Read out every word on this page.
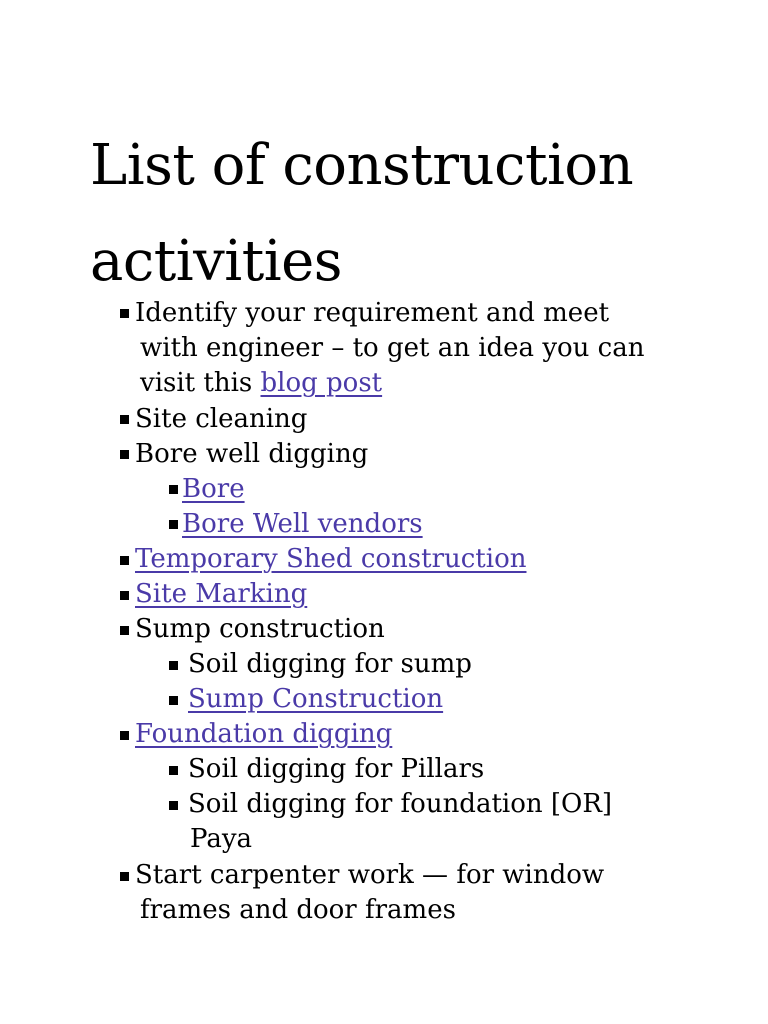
List of construction activities
Identify your requirement and meet
with engineer – to get an idea you can
visit this blog post
Site cleaning
Bore well digging
Bore
Bore Well vendors
Temporary Shed construction
Site Marking
Sump construction
Soil digging for sump
Sump Construction
Foundation digging
Soil digging for Pillars
Soil digging for foundation [OR]
Paya
Start carpenter work — for window
frames and door frames
